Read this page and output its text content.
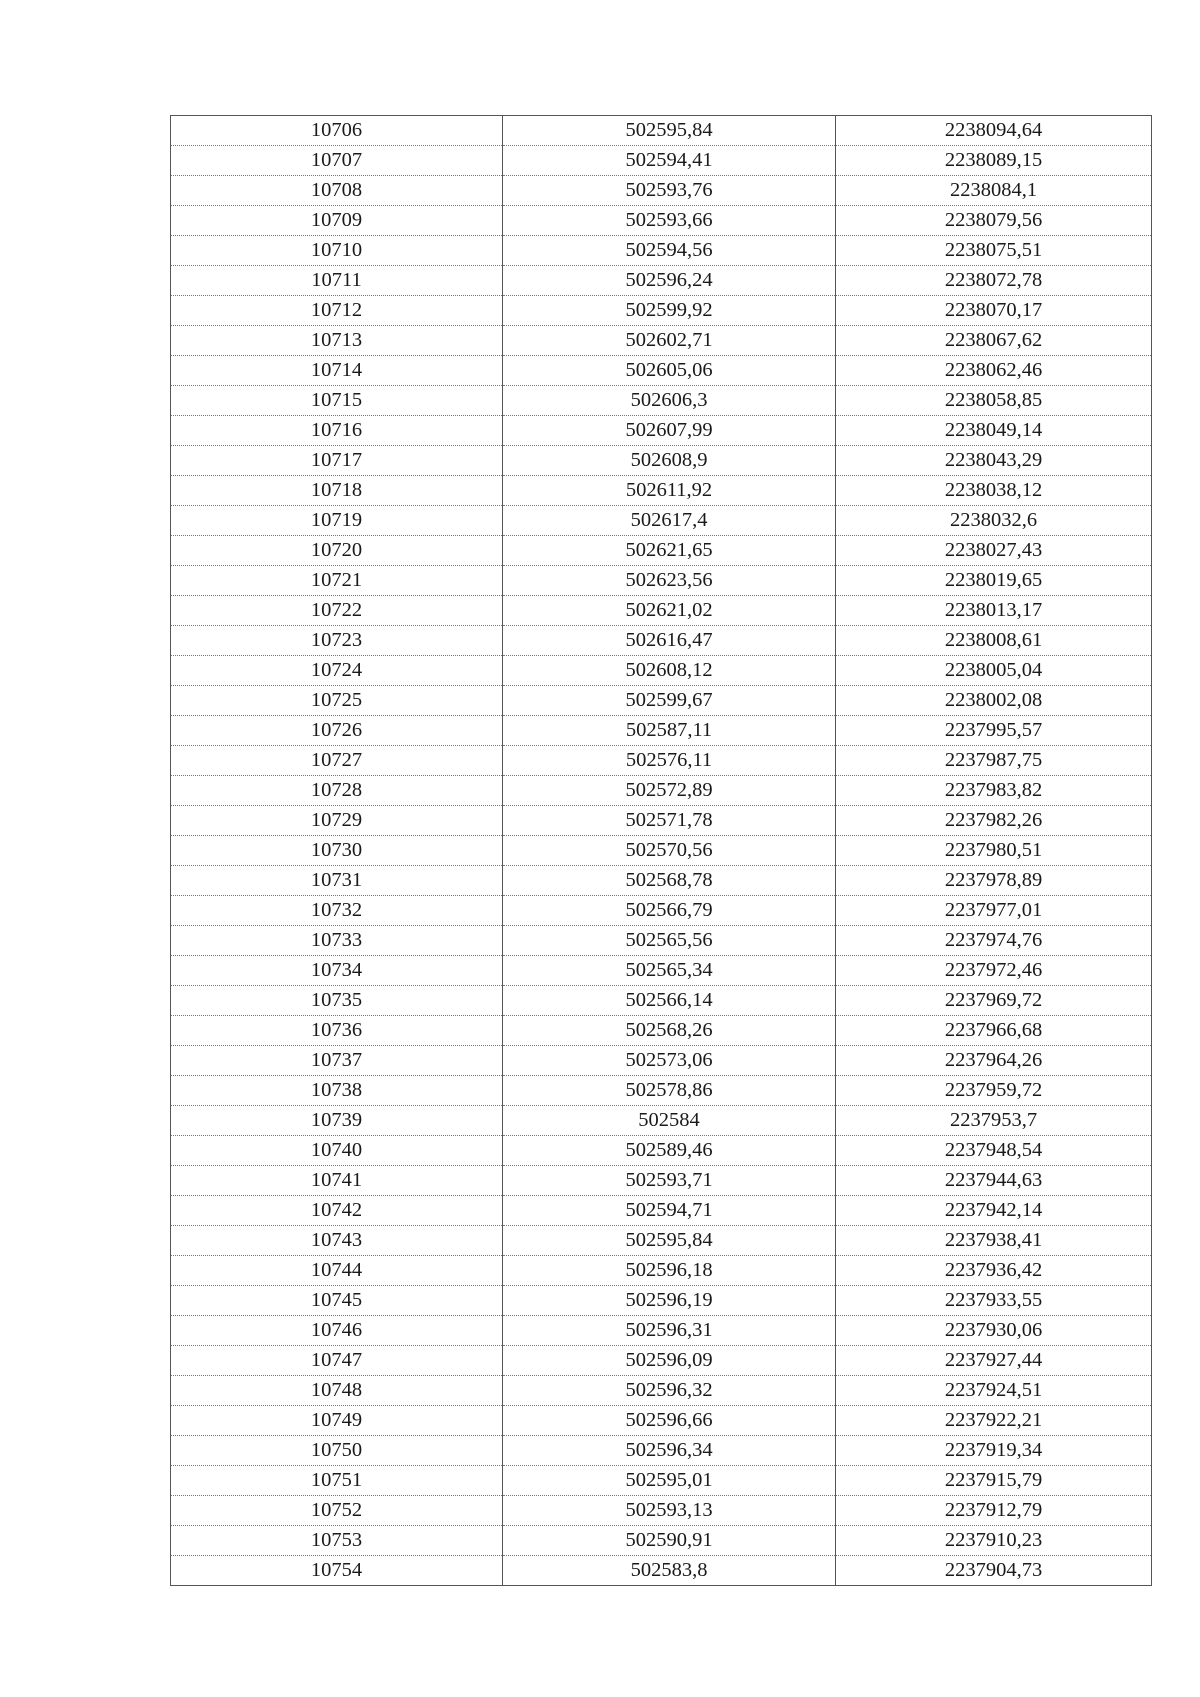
10706	502595,84	2238094,64
10707	502594,41	2238089,15
10708	502593,76	2238084,1
10709	502593,66	2238079,56
10710	502594,56	2238075,51
10711	502596,24	2238072,78
10712	502599,92	2238070,17
10713	502602,71	2238067,62
10714	502605,06	2238062,46
10715	502606,3	2238058,85
10716	502607,99	2238049,14
10717	502608,9	2238043,29
10718	502611,92	2238038,12
10719	502617,4	2238032,6
10720	502621,65	2238027,43
10721	502623,56	2238019,65
10722	502621,02	2238013,17
10723	502616,47	2238008,61
10724	502608,12	2238005,04
10725	502599,67	2238002,08
10726	502587,11	2237995,57
10727	502576,11	2237987,75
10728	502572,89	2237983,82
10729	502571,78	2237982,26
10730	502570,56	2237980,51
10731	502568,78	2237978,89
10732	502566,79	2237977,01
10733	502565,56	2237974,76
10734	502565,34	2237972,46
10735	502566,14	2237969,72
10736	502568,26	2237966,68
10737	502573,06	2237964,26
10738	502578,86	2237959,72
10739	502584	2237953,7
10740	502589,46	2237948,54
10741	502593,71	2237944,63
10742	502594,71	2237942,14
10743	502595,84	2237938,41
10744	502596,18	2237936,42
10745	502596,19	2237933,55
10746	502596,31	2237930,06
10747	502596,09	2237927,44
10748	502596,32	2237924,51
10749	502596,66	2237922,21
10750	502596,34	2237919,34
10751	502595,01	2237915,79
10752	502593,13	2237912,79
10753	502590,91	2237910,23
10754	502583,8	2237904,73
